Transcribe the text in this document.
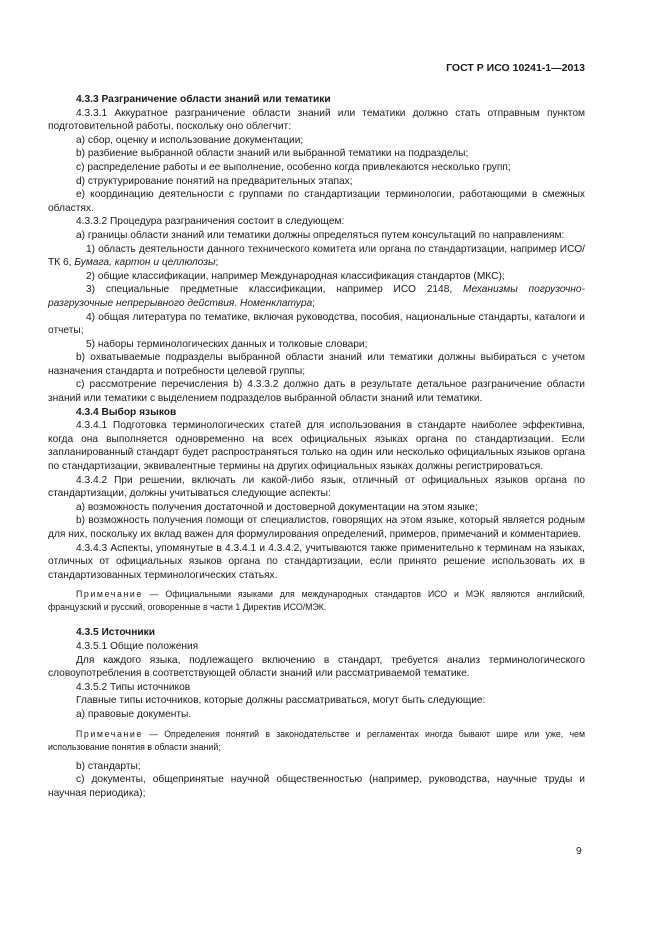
ГОСТ Р ИСО 10241-1—2013

4.3.3 Разграничение области знаний или тематики

4.3.3.1 Аккуратное разграничение области знаний или тематики должно стать отправным пунктом подготовительной работы, поскольку оно облегчит:

а) сбор, оценку и использование документации;

b) разбиение выбранной области знаний или выбранной тематики на подразделы;

c) распределение работы и ее выполнение, особенно когда привлекаются несколько групп;

d) структурирование понятий на предварительных этапах;

e) координацию деятельности с группами по стандартизации терминологии, работающими в смежных областях.

4.3.3.2 Процедура разграничения состоит в следующем:

а) границы области знаний или тематики должны определяться путем консультаций по направлениям:

1) область деятельности данного технического комитета или органа по стандартизации, например ИСО/ТК 6, Бумага, картон и целлюлозы;

2) общие классификации, например Международная классификация стандартов (МКС);

3) специальные предметные классификации, например ИСО 2148, Механизмы погрузочно-разгрузочные непрерывного действия. Номенклатура;

4) общая литература по тематике, включая руководства, пособия, национальные стандарты, каталоги и отчеты;

5) наборы терминологических данных и толковые словари;

b) охватываемые подразделы выбранной области знаний или тематики должны выбираться с учетом назначения стандарта и потребности целевой группы;

c) рассмотрение перечисления b) 4.3.3.2 должно дать в результате детальное разграничение области знаний или тематики с выделением подразделов выбранной области знаний или тематики.

4.3.4 Выбор языков

4.3.4.1 Подготовка терминологических статей для использования в стандарте наиболее эффективна, когда она выполняется одновременно на всех официальных языках органа по стандартизации. Если запланированный стандарт будет распространяться только на один или несколько официальных языков органа по стандартизации, эквивалентные термины на других официальных языках должны регистрироваться.

4.3.4.2 При решении, включать ли какой-либо язык, отличный от официальных языков органа по стандартизации, должны учитываться следующие аспекты:

а) возможность получения достаточной и достоверной документации на этом языке;

b) возможность получения помощи от специалистов, говорящих на этом языке, который является родным для них, поскольку их вклад важен для формулирования определений, примеров, примечаний и комментариев.

4.3.4.3 Аспекты, упомянутые в 4.3.4.1 и 4.3.4.2, учитываются также применительно к терминам на языках, отличных от официальных языков органа по стандартизации, если принято решение использовать их в стандартизованных терминологических статьях.

Примечание — Официальными языками для международных стандартов ИСО и МЭК являются английский, французский и русский, оговоренные в части 1 Директив ИСО/МЭК.

4.3.5 Источники

4.3.5.1 Общие положения

Для каждого языка, подлежащего включению в стандарт, требуется анализ терминологического словоупотребления в соответствующей области знаний или рассматриваемой тематике.

4.3.5.2 Типы источников

Главные типы источников, которые должны рассматриваться, могут быть следующие:

а) правовые документы.

Примечание — Определения понятий в законодательстве и регламентах иногда бывают шире или уже, чем использование понятия в области знаний;

b) стандарты;

c) документы, общепринятые научной общественностью (например, руководства, научные труды и научная периодика);

9
